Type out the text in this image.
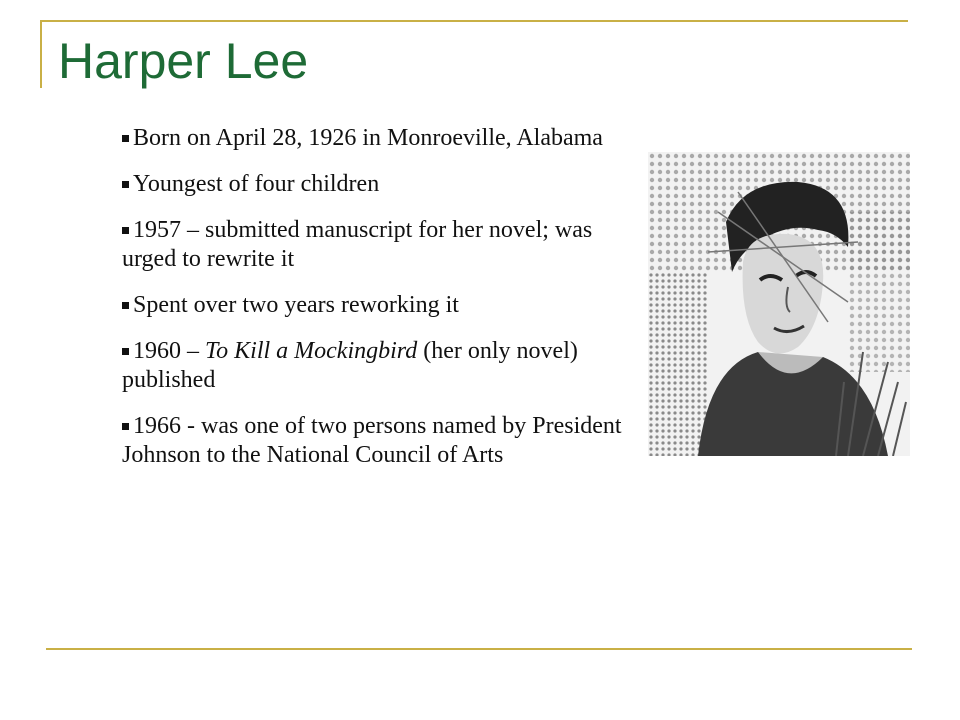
Harper Lee
Born on April 28, 1926 in Monroeville, Alabama
Youngest of four children
1957 – submitted manuscript for her novel; was urged to rewrite it
Spent over two years reworking it
1960 – To Kill a Mockingbird (her only novel) published
1966 - was one of two persons named by President Johnson to the National Council of Arts
